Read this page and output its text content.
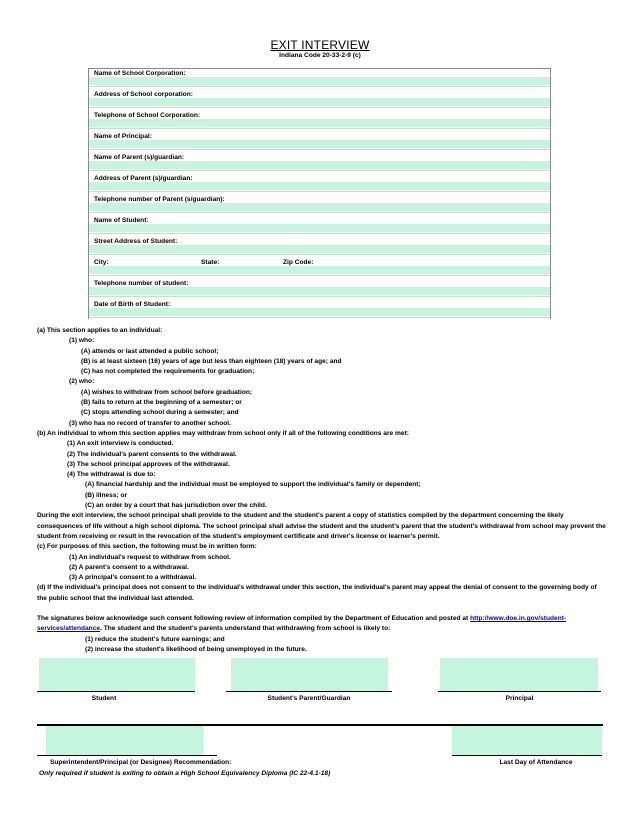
EXIT INTERVIEW
Indiana Code 20-33-2-9 (c)
Name of School Corporation:
Address of School corporation:
Telephone of School Corporation:
Name of Principal:
Name of Parent (s)/guardian:
Address of Parent (s)/guardian:
Telephone number of Parent (s/guardian):
Name of Student:
Street Address of Student:
City:	State:	Zip Code:
Telephone number of student:
Date of Birth of Student:
(a) This section applies to an individual:
(1) who:
(A) attends or last attended a public school;
(B) is at least sixteen (16) years of age but less than eighteen (18) years of age; and
(C) has not completed the requirements for graduation;
(2) who:
(A) wishes to withdraw from school before graduation;
(B) fails to return at the beginning of a semester; or
(C) stops attending school during a semester; and
(3) who has no record of transfer to another school.
(b) An individual to whom this section applies may withdraw from school only if all of the following conditions are met:
(1) An exit interview is conducted.
(2) The individual's parent consents to the withdrawal.
(3) The school principal approves of the withdrawal.
(4) The withdrawal is due to:
(A) financial hardship and the individual must be employed to support the individual's family or dependent;
(B) illness; or
(C) an order by a court that has jurisdiction over the child.
During the exit interview, the school principal shall provide to the student and the student's parent a copy of statistics compiled by the department concerning the likely consequences of life without a high school diploma. The school principal shall advise the student and the student's parent that the student's withdrawal from school may prevent the student from receiving or result in the revocation of the student's employment certificate and driver's license or learner's permit.
(c) For purposes of this section, the following must be in written form:
(1) An individual's request to withdraw from school.
(2) A parent's consent to a withdrawal.
(3) A principal's consent to a withdrawal.
(d) If the individual's principal does not consent to the individual's withdrawal under this section, the individual's parent may appeal the denial of consent to the governing body of the public school that the individual last attended.
The signatures below acknowledge such consent following review of information compiled by the Department of Education and posted at http://www.doe.in.gov/student-services/attendance. The student and the student's parents understand that withdrawing from school is likely to:
(1) reduce the student's future earnings; and
(2) increase the student's likelihood of being unemployed in the future.
Student	Student's Parent/Guardian	Principal
Superintendent/Principal (or Designee) Recommendation:	Last Day of Attendance
Only required if student is exiting to obtain a High School Equivalency Diploma (IC 22-4.1-18)
